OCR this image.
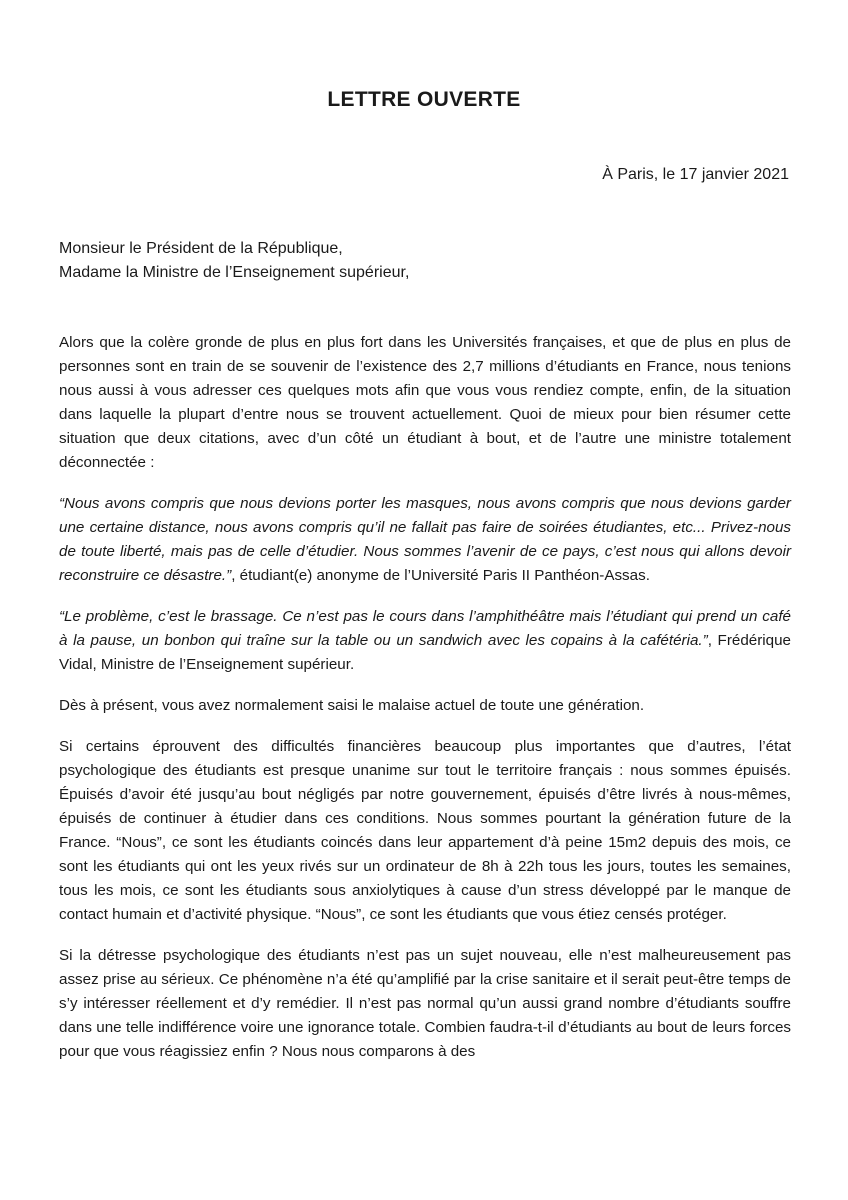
LETTRE OUVERTE
À Paris, le 17 janvier 2021
Monsieur le Président de la République,
Madame la Ministre de l’Enseignement supérieur,

Alors que la colère gronde de plus en plus fort dans les Universités françaises, et que de plus en plus de personnes sont en train de se souvenir de l’existence des 2,7 millions d’étudiants en France, nous tenions nous aussi à vous adresser ces quelques mots afin que vous vous rendiez compte, enfin, de la situation dans laquelle la plupart d’entre nous se trouvent actuellement. Quoi de mieux pour bien résumer cette situation que deux citations, avec d’un côté un étudiant à bout, et de l’autre une ministre totalement déconnectée :

“Nous avons compris que nous devions porter les masques, nous avons compris que nous devions garder une certaine distance, nous avons compris qu’il ne fallait pas faire de soirées étudiantes, etc... Privez-nous de toute liberté, mais pas de celle d’étudier. Nous sommes l’avenir de ce pays, c’est nous qui allons devoir reconstruire ce désastre.”, étudiant(e) anonyme de l’Université Paris II Panthéon-Assas.

“Le problème, c’est le brassage. Ce n’est pas le cours dans l’amphithéâtre mais l’étudiant qui prend un café à la pause, un bonbon qui traîne sur la table ou un sandwich avec les copains à la cafétéria.”, Frédérique Vidal, Ministre de l’Enseignement supérieur.

Dès à présent, vous avez normalement saisi le malaise actuel de toute une génération.

Si certains éprouvent des difficultés financières beaucoup plus importantes que d’autres, l’état psychologique des étudiants est presque unanime sur tout le territoire français : nous sommes épuisés. Épuisés d’avoir été jusqu’au bout négligés par notre gouvernement, épuisés d’être livrés à nous-mêmes, épuisés de continuer à étudier dans ces conditions. Nous sommes pourtant la génération future de la France. “Nous”, ce sont les étudiants coincés dans leur appartement d’à peine 15m2 depuis des mois, ce sont les étudiants qui ont les yeux rivés sur un ordinateur de 8h à 22h tous les jours, toutes les semaines, tous les mois, ce sont les étudiants sous anxiolytiques à cause d’un stress développé par le manque de contact humain et d’activité physique. “Nous”, ce sont les étudiants que vous étiez censés protéger.

Si la détresse psychologique des étudiants n’est pas un sujet nouveau, elle n’est malheureusement pas assez prise au sérieux. Ce phénomène n’a été qu’amplifié par la crise sanitaire et il serait peut-être temps de s’y intéresser réellement et d’y remédier. Il n’est pas normal qu’un aussi grand nombre d’étudiants souffre dans une telle indifférence voire une ignorance totale. Combien faudra-t-il d’étudiants au bout de leurs forces pour que vous réagissiez enfin ? Nous nous comparons à des
